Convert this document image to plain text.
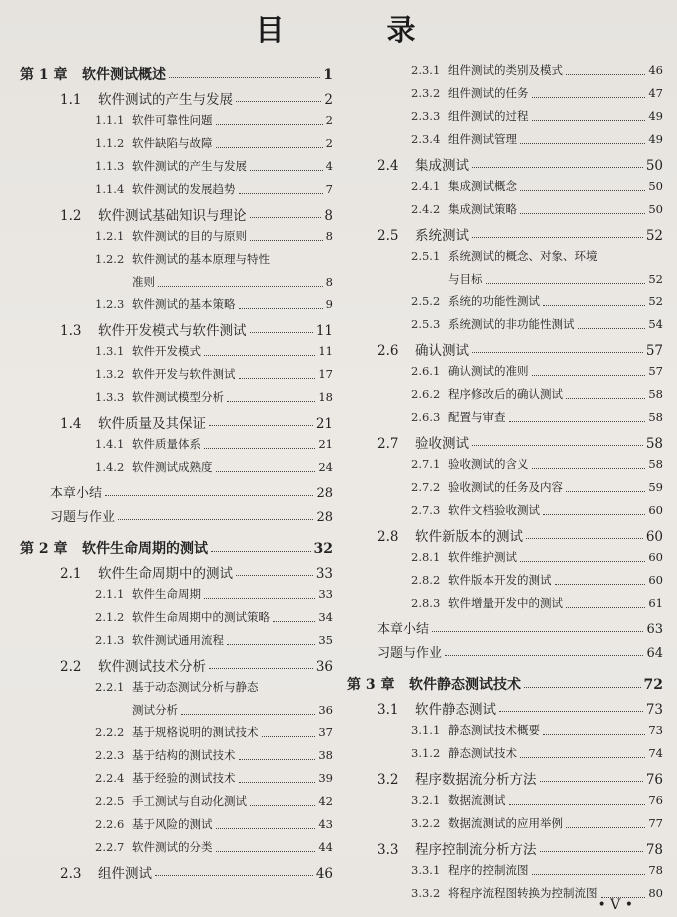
目 录
第 1 章	软件测试概述	1
1.1	软件测试的产生与发展	2
1.1.1 软件可靠性问题	2
1.1.2 软件缺陷与故障	2
1.1.3 软件测试的产生与发展	4
1.1.4 软件测试的发展趋势	7
1.2	软件测试基础知识与理论	8
1.2.1 软件测试的目的与原则	8
1.2.2 软件测试的基本原理与特性
准则	8
1.2.3 软件测试的基本策略	9
1.3	软件开发模式与软件测试	11
1.3.1 软件开发模式	11
1.3.2 软件开发与软件测试	17
1.3.3 软件测试模型分析	18
1.4	软件质量及其保证	21
1.4.1 软件质量体系	21
1.4.2 软件测试成熟度	24
本章小结	28
习题与作业	28
第 2 章	软件生命周期的测试	32
2.1	软件生命周期中的测试	33
2.1.1 软件生命周期	33
2.1.2 软件生命周期中的测试策略	34
2.1.3 软件测试通用流程	35
2.2	软件测试技术分析	36
2.2.1 基于动态测试分析与静态
测试分析	36
2.2.2 基于规格说明的测试技术	37
2.2.3 基于结构的测试技术	38
2.2.4 基于经验的测试技术	39
2.2.5 手工测试与自动化测试	42
2.2.6 基于风险的测试	43
2.2.7 软件测试的分类	44
2.3	组件测试	46
2.3.1 组件测试的类别及模式	46
2.3.2 组件测试的任务	47
2.3.3 组件测试的过程	49
2.3.4 组件测试管理	49
2.4	集成测试	50
2.4.1 集成测试概念	50
2.4.2 集成测试策略	50
2.5	系统测试	52
2.5.1 系统测试的概念、对象、环境
与目标	52
2.5.2 系统的功能性测试	52
2.5.3 系统测试的非功能性测试	54
2.6	确认测试	57
2.6.1 确认测试的准则	57
2.6.2 程序修改后的确认测试	58
2.6.3 配置与审查	58
2.7	验收测试	58
2.7.1 验收测试的含义	58
2.7.2 验收测试的任务及内容	59
2.7.3 软件文档验收测试	60
2.8	软件新版本的测试	60
2.8.1 软件维护测试	60
2.8.2 软件版本开发的测试	60
2.8.3 软件增量开发中的测试	61
本章小结	63
习题与作业	64
第 3 章	软件静态测试技术	72
3.1	软件静态测试	73
3.1.1 静态测试技术概要	73
3.1.2 静态测试技术	74
3.2	程序数据流分析方法	76
3.2.1 数据流测试	76
3.2.2 数据流测试的应用举例	77
3.3	程序控制流分析方法	78
3.3.1 程序的控制流图	78
3.3.2 将程序流程图转换为控制流图	80
• V •
